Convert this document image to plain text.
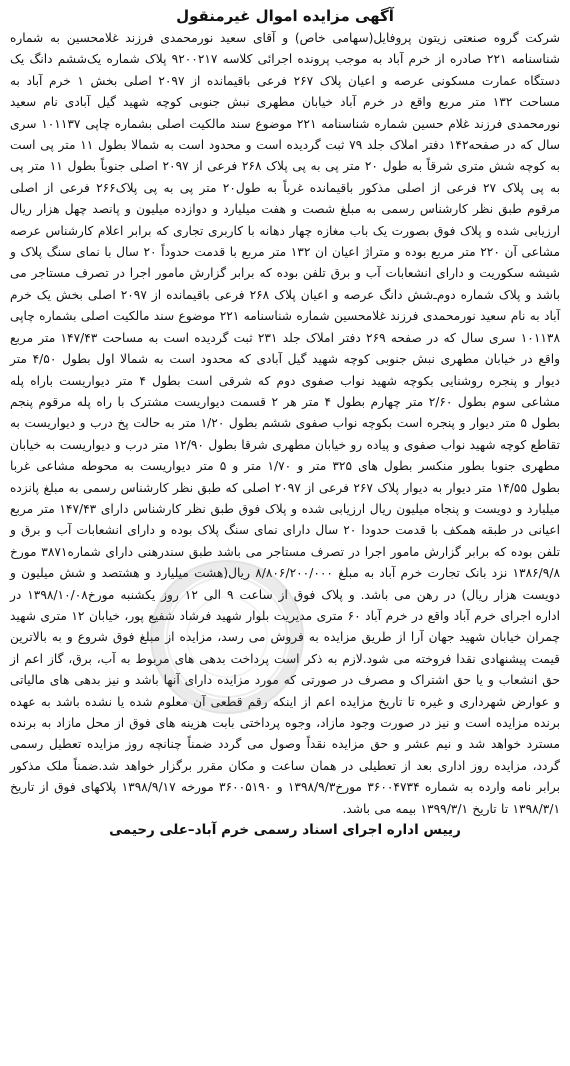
آگهی مزایده اموال غیرمنقول

شرکت گروه صنعتی زیتون پروفایل(سهامی خاص) و آقای سعید نورمحمدی فرزند غلامحسین به شماره شناسنامه ۲۲۱ صادره از خرم آباد به موجب پرونده اجرائی کلاسه ۹۲۰۰۲۱۷ پلاک شماره یک‌ششم دانگ یک دستگاه عمارت مسکونی عرصه و اعیان پلاک ۲۶۷ فرعی باقیمانده از ۲۰۹۷ اصلی بخش ۱ خرم آباد به مساحت ۱۳۲ متر مربع واقع در خرم آباد خیابان مطهری نبش جنوبی کوچه شهید گیل آبادی نام سعید نورمحمدی فرزند غلام حسین شماره شناسنامه ۲۲۱ موضوع سند مالکیت اصلی بشماره چاپی ۱۰۱۱۳۷ سری سال که در صفحه۱۴۲ دفتر املاک جلد ۷۹ ثبت گردیده است و محدود است به شمالا بطول ۱۱ متر پی است به کوچه شش متری شرقاً به طول ۲۰ متر پی به پی پلاک ۲۶۸ فرعی از ۲۰۹۷ اصلی جنوباً بطول ۱۱ متر پی به پی پلاک ۲۷ فرعی از اصلی مذکور باقیمانده غرباً به طول۲۰ متر پی به پی پلاک۲۶۶ فرعی از اصلی مرقوم طبق نظر کارشناس رسمی به مبلغ شصت و هفت میلیارد و دوازده میلیون و پانصد چهل هزار ریال ارزیابی شده و پلاک فوق بصورت یک باب مغازه چهار دهانه با کاربری تجاری که برابر اعلام کارشناس عرصه مشاعی آن ۲۲۰ متر مربع بوده و متراژ اعیان ان ۱۳۲ متر مربع با قدمت حدوداً ۲۰ سال با نمای سنگ پلاک و شیشه سکوریت و دارای انشعابات آب و برق تلفن بوده که برابر گزارش مامور اجرا در تصرف مستاجر می باشد و پلاک شماره دوم‌ـ‌شش دانگ عرصه و اعیان پلاک ۲۶۸ فرعی باقیمانده از ۲۰۹۷ اصلی بخش یک خرم آباد به نام سعید نورمحمدی فرزند غلامحسین شماره شناسنامه ۲۲۱ موضوع سند مالکیت اصلی بشماره چاپی ۱۰۱۱۳۸ سری سال که در صفحه ۲۶۹ دفتر املاک جلد ۲۳۱ ثبت گردیده است به مساحت ۱۴۷/۴۳ متر مربع واقع در خیابان مطهری نبش جنوبی کوچه شهید گیل آبادی که محدود است به شمالا اول بطول ۴/۵۰ متر دیوار و پنجره روشنایی بکوچه شهید نواب صفوی دوم که شرقی است بطول ۴ متر دیواریست باراه پله مشاعی سوم بطول ۲/۶۰ متر چهارم بطول ۴ متر هر ۲ قسمت دیواریست مشترک با راه پله مرقوم پنجم بطول ۵ متر دیوار و پنجره است بکوچه نواب صفوی ششم بطول ۱/۲۰ متر به حالت پخ درب و دیواریست به تقاطع کوچه شهید نواب صفوی و پیاده رو خیابان مطهری شرقا بطول ۱۲/۹۰ متر درب و دیواریست به خیابان مطهری جنوبا بطور منکسر بطول های ۳۲۵ متر و ۱/۷۰ متر و ۵ متر دیواریست به محوطه مشاعی غربا بطول ۱۴/۵۵ متر دیوار به دیوار پلاک ۲۶۷ فرعی از ۲۰۹۷ اصلی که طبق نظر کارشناس رسمی به مبلغ پانزده میلیارد و دویست و پنجاه میلیون ریال ارزیابی شده و پلاک فوق طبق نظر کارشناس دارای ۱۴۷/۴۳ متر مربع اعیانی در طبقه همکف با قدمت حدودا ۲۰ سال دارای نمای سنگ پلاک بوده و دارای انشعابات آب و برق و تلفن بوده که برابر گزارش مامور اجرا در تصرف مستاجر می باشد طبق سندرهنی دارای شماره۳۸۷۱ مورخ ۱۳۸۶/۹/۸ نزد بانک تجارت خرم آباد به مبلغ ۸/۸۰۶/۲۰۰/۰۰۰ ریال(هشت میلیارد و هشتصد و شش میلیون و دویست هزار ریال) در رهن می باشد. و پلاک فوق از ساعت ۹ الی ۱۲ روز یکشنبه مورخ۱۳۹۸/۱۰/۰۸ در اداره اجرای خرم آباد واقع در خرم آباد ۶۰ متری مدیریت بلوار شهید فرشاد شفیع پور، خیابان ۱۲ متری شهید چمران خیابان شهید جهان آرا از طریق مزایده به فروش می رسد، مزایده از مبلغ فوق شروع و به بالاترین قیمت پیشنهادی نقدا فروخته می شود.لازم به ذکر است پرداخت بدهی های مربوط به آب، برق، گاز اعم از حق انشعاب و یا حق اشتراک و مصرف در صورتی که مورد مزایده دارای آنها باشد و نیز بدهی های مالیاتی و عوارض شهرداری و غیره تا تاریخ مزایده اعم از اینکه رقم قطعی آن معلوم شده یا نشده باشد به عهده برنده مزایده است و نیز در صورت وجود مازاد، وجوه پرداختی بابت هزینه های فوق از محل مازاد به برنده مسترد خواهد شد و نیم عشر و حق مزایده نقداً وصول می گردد ضمناً چنانچه روز مزایده تعطیل رسمی گردد، مزایده روز اداری بعد از تعطیلی در همان ساعت و مکان مقرر برگزار خواهد شد.ضمناً ملک مذکور برابر نامه وارده به شماره ۳۶۰۰۴۷۳۴ مورخ۱۳۹۸/۹/۳ و ۳۶۰۰۵۱۹۰ مورخه ۱۳۹۸/۹/۱۷ پلاکهای فوق از تاریخ ۱۳۹۸/۳/۱ تا تاریخ ۱۳۹۹/۳/۱ بیمه می باشد.

رییس اداره اجرای اسناد رسمی خرم آباد–علی رحیمی
